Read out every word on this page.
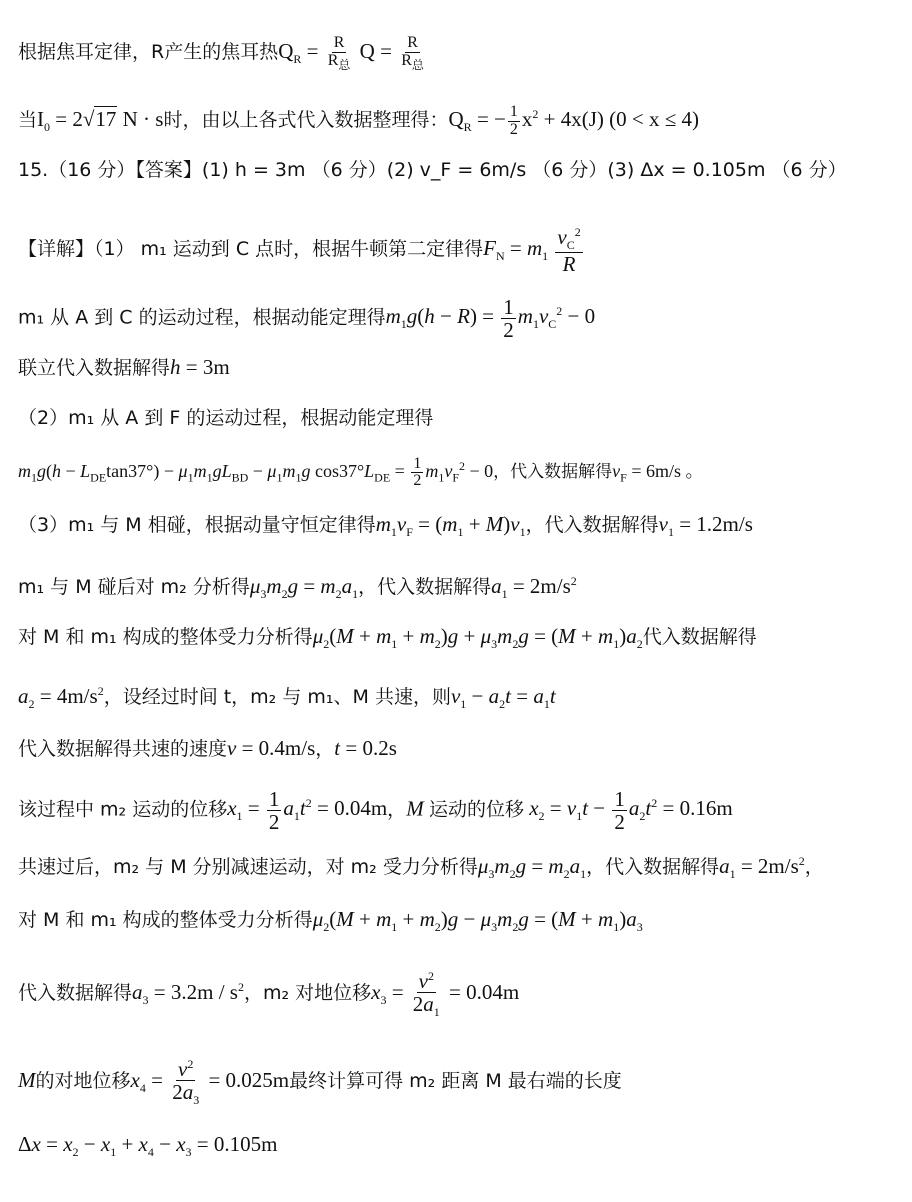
根据焦耳定律，R产生的焦耳热$Q_R = \frac{R}{R_总}$ $Q = \frac{R}{R_总}$
当$I_0 = 2√17$ N · s时，由以上各式代入数据整理得：$Q_R$ = − $\frac{1}{2} x^2 + 4x(J) (0 < x \le 4)$
15.（16 分）【答案】(1) h = 3m （6 分）(2) v_F = 6m/s （6 分）(3) Δx = 0.105m （6 分）
【详解】（1） m₁ 运动到 C 点时，根据牛顿第二定律得$F_N = m_1 \frac{v_C^2}{R}$
m₁ 从 A 到 C 的运动过程，根据动能定理得$m_1g(h - R) = \frac{1}{2} m_1v_C^2 - 0$
联立代入数据解得h = 3m
（2）m₁ 从 A 到 F 的运动过程，根据动能定理得
$m_1g(h - L_{DE}\tan 37^\circ) - \mu_1m_1gL_{BD} - \mu_1m_1g$ $\cos 37^\circ L_{DE} = \frac{1}{2} m_1v_F^2 - 0$，代入数据解得$v_F = 6m/s$ 。
（3）m₁ 与 M 相碰，根据动量守恒定律得$m_1v_F = (m_1 + M)v_1$，代入数据解得$v_1 = 1.2m/s$
m₁ 与 M 碰后对 m₂ 分析得$\mu_3m_2g = m_2a_1$，代入数据解得$a_1 = 2m/s^2$
对 M 和 m₁ 构成的整体受力分析得$\mu_2(M + m_1 + m_2)g + \mu_3m_2g = (M + m_1)a_2$代入数据解得
$a_2 = 4m/s^2$，设经过时间 t，m₂ 与 m₁、M 共速，则$v_1 - a_2t = a_1t$
代入数据解得共速的速度v = 0.4m/s，t = 0.2s
该过程中 m₂ 运动的位移$x_1 = \frac{1}{2} a_1t^2 = 0.04m$，M 运动的位移 $x_2 = v_1t - \frac{1}{2} a_2t^2 = 0.16m$
共速过后，m₂ 与 M 分别减速运动，对 m₂ 受力分析得$\mu_3m_2g = m_2a_1$，代入数据解得$a_1 = 2m/s^2$，
对 M 和 m₁ 构成的整体受力分析得$\mu_2(M + m_1 + m_2)g - \mu_3m_2g = (M + m_1)a_3$
代入数据解得$a_3 = 3.2m / s^2$，m₂ 对地位移$x_3 = \frac{v^2}{2a_1} = 0.04m$
M的对地位移$x_4 = \frac{v^2}{2a_3} = 0.025m$最终计算可得 m₂ 距离 M 最右端的长度
$\Delta x = x_2 - x_1 + x_4 - x_3 = 0.105m$
